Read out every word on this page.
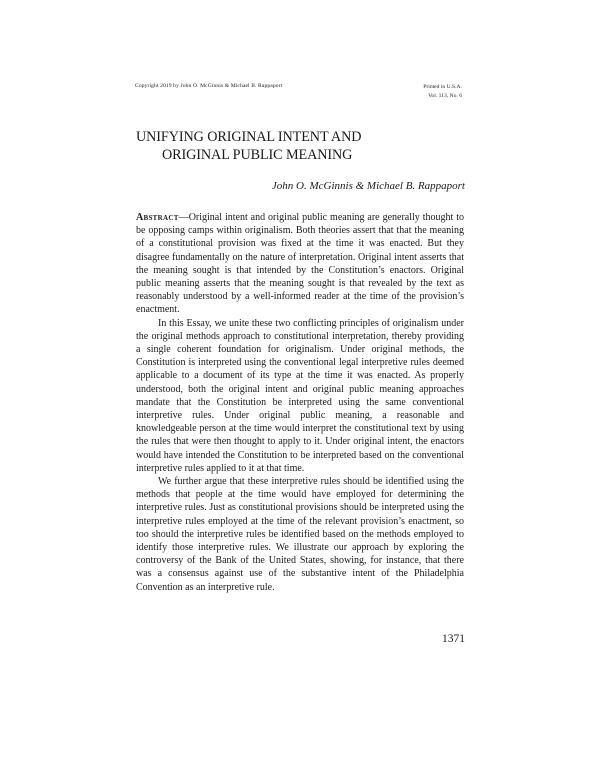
Copyright 2019 by John O. McGinnis & Michael B. Rappaport	Printed in U.S.A.
Vol. 113, No. 6
UNIFYING ORIGINAL INTENT AND
ORIGINAL PUBLIC MEANING
John O. McGinnis & Michael B. Rappaport

Abstract—Original intent and original public meaning are generally thought to be opposing camps within originalism. Both theories assert that that the meaning of a constitutional provision was fixed at the time it was enacted. But they disagree fundamentally on the nature of interpretation. Original intent asserts that the meaning sought is that intended by the Constitution’s enactors. Original public meaning asserts that the meaning sought is that revealed by the text as reasonably understood by a well-informed reader at the time of the provision’s enactment.

In this Essay, we unite these two conflicting principles of originalism under the original methods approach to constitutional interpretation, thereby providing a single coherent foundation for originalism. Under original methods, the Constitution is interpreted using the conventional legal interpretive rules deemed applicable to a document of its type at the time it was enacted. As properly understood, both the original intent and original public meaning approaches mandate that the Constitution be interpreted using the same conventional interpretive rules. Under original public meaning, a reasonable and knowledgeable person at the time would interpret the constitutional text by using the rules that were then thought to apply to it. Under original intent, the enactors would have intended the Constitution to be interpreted based on the conventional interpretive rules applied to it at that time.

We further argue that these interpretive rules should be identified using the methods that people at the time would have employed for determining the interpretive rules. Just as constitutional provisions should be interpreted using the interpretive rules employed at the time of the relevant provision’s enactment, so too should the interpretive rules be identified based on the methods employed to identify those interpretive rules. We illustrate our approach by exploring the controversy of the Bank of the United States, showing, for instance, that there was a consensus against use of the substantive intent of the Philadelphia Convention as an interpretive rule.

1371
